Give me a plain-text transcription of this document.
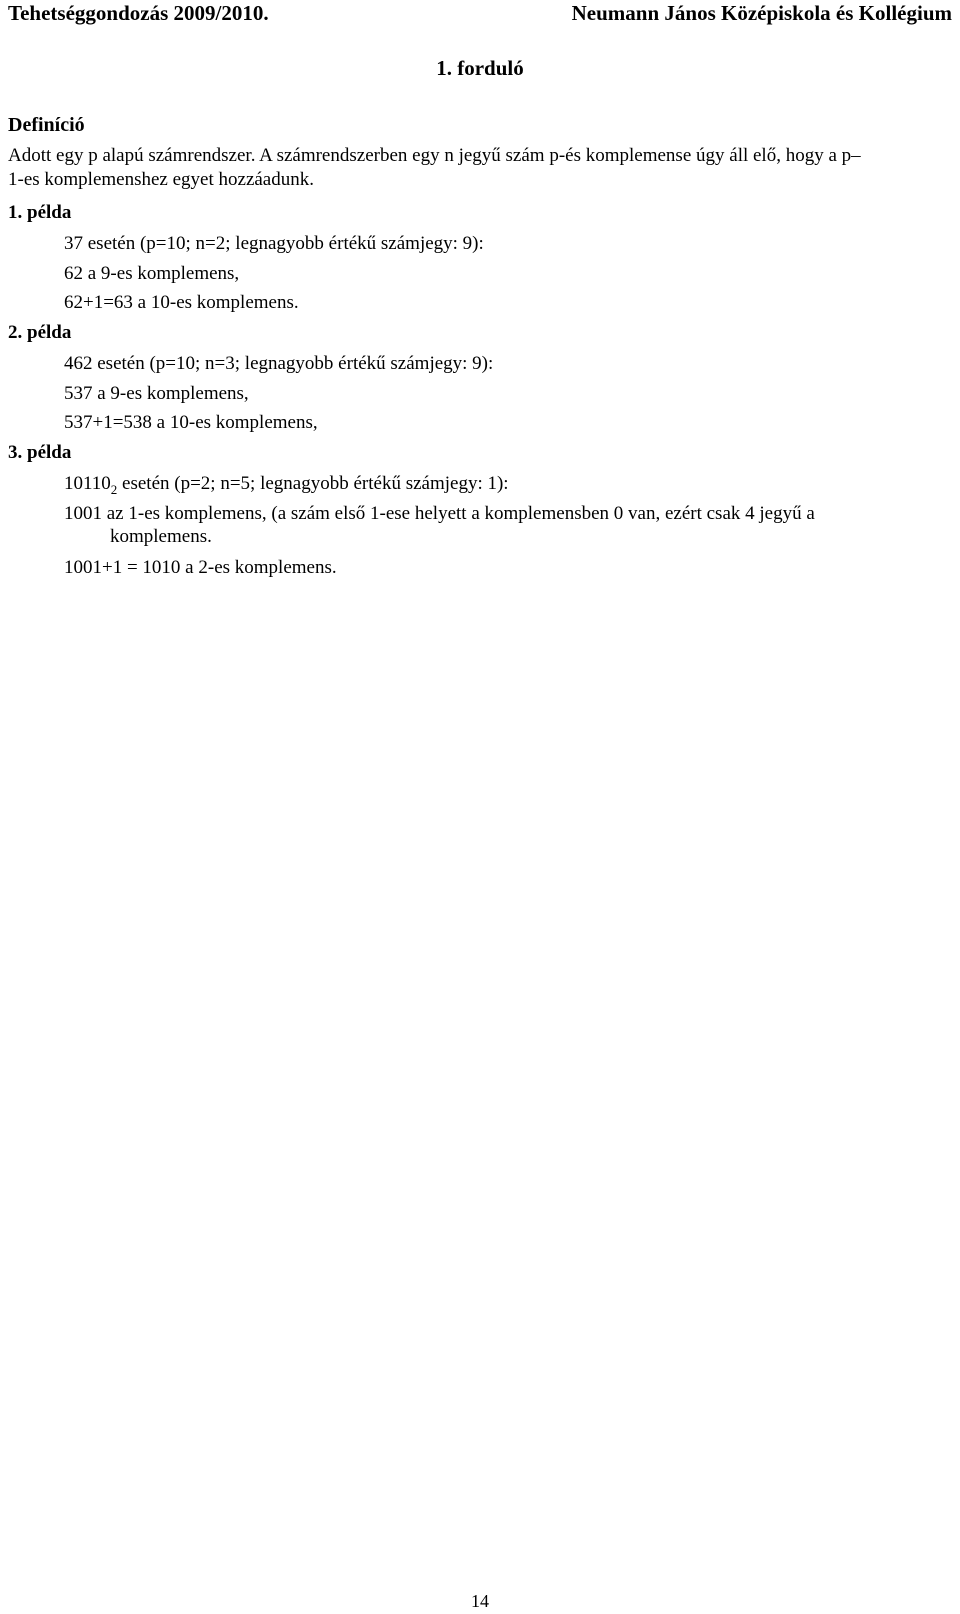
Tehetséggondozás 2009/2010.	Neumann János Középiskola és Kollégium
1. forduló
Definíció
Adott egy p alapú számrendszer. A számrendszerben egy n jegyű szám p-és komplemense úgy áll elő, hogy a p–
1-es komplemenshez egyet hozzáadunk.
1. példa
37 esetén (p=10; n=2; legnagyobb értékű számjegy: 9):
62 a 9-es komplemens,
62+1=63 a 10-es komplemens.
2. példa
462 esetén (p=10; n=3; legnagyobb értékű számjegy: 9):
537 a 9-es komplemens,
537+1=538 a 10-es komplemens,
3. példa
$10110_2$ esetén (p=2; n=5; legnagyobb értékű számjegy: 1):
1001 az 1-es komplemens, (a szám első 1-ese helyett a komplemensben 0 van, ezért csak 4 jegyű a
komplemens.
1001+1 = 1010 a 2-es komplemens.
14
